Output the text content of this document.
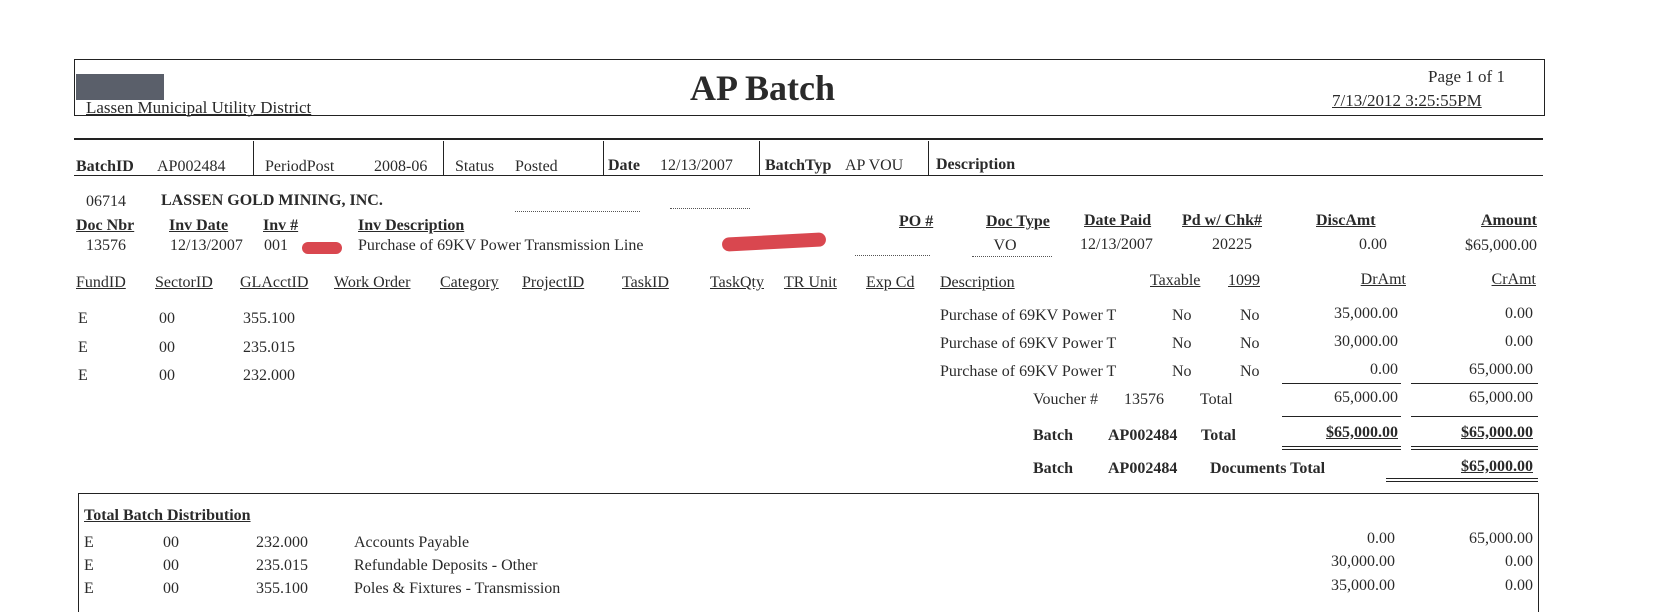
Lassen Municipal Utility District	AP Batch	Page 1 of 1
7/13/2012 3:25:55PM
BatchID AP002484 PeriodPost 2008-06 Status Posted	Date 12/13/2007 BatchTyp AP VOU	Description
06714 LASSEN GOLD MINING, INC.
Doc Nbr Inv Date Inv #	Inv Description	PO #	Doc Type Date Paid Pd w/ Chk#	DiscAmt	Amount
13576	12/13/2007 001	Purchase of 69KV Power Transmission Line	VO	12/13/2007	20225	0.00	$65,000.00
FundID SectorID GLAcctID Work Order Category ProjectID TaskID	TaskQty TR Unit Exp Cd Description	Taxable 1099	DrAmt	CrAmt
E	00	355.100	Purchase of 69KV Power T	No	No	35,000.00	0.00
E	00	235.015	Purchase of 69KV Power T	No	No	30,000.00	0.00
E	00	232.000	Purchase of 69KV Power T	No	No	0.00	65,000.00
Voucher # 13576 Total	65,000.00	65,000.00
Batch AP002484 Total	$65,000.00	$65,000.00
Batch AP002484 Documents Total	$65,000.00
Total Batch Distribution
E	00	232.000	Accounts Payable	0.00	65,000.00
E	00	235.015	Refundable Deposits - Other	30,000.00	0.00
E	00	355.100	Poles & Fixtures - Transmission	35,000.00	0.00
